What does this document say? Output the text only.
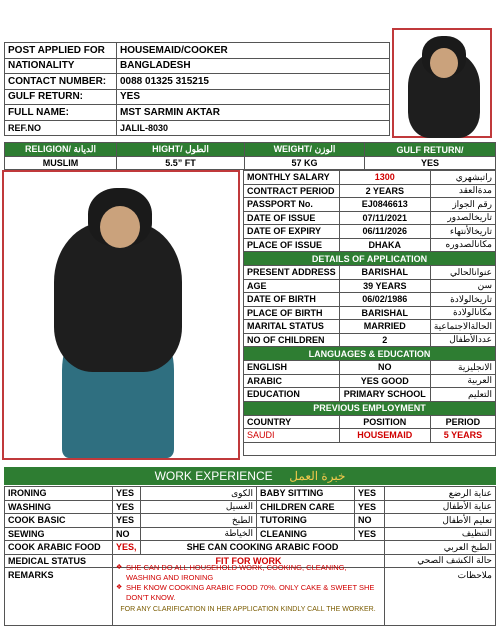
POST APPLIED FOR	HOUSEMAID/COOKER
NATIONALITY	BANGLADESH
CONTACT NUMBER:	0088 01325 315215
GULF RETURN:	YES
FULL NAME:	MST SARMIN AKTAR
REF.NO	JALIL-8030
RELIGION/ الديانة	HIGHT/ الطول	WEIGHT/ الوزن	GULF RETURN/
MUSLIM	5.5” FT	57 KG	YES
MONTHLY SALARY	1300	راتبشهري
CONTRACT PERIOD	2 YEARS	مدةالعقد
PASSPORT No.	EJ0846613	رقم الجواز
DATE OF ISSUE	07/11/2021	تاريخالصدور
DATE OF EXPIRY	06/11/2026	تاريخالأنتهاء
PLACE OF ISSUE	DHAKA	مكانالصدوره
DETAILS OF APPLICATION		
PRESENT ADDRESS	BARISHAL	عنوانالحالي
AGE	39 YEARS	سن
DATE OF BIRTH	06/02/1986	تاريخالولادة
PLACE OF BIRTH	BARISHAL	مكانالولادة
MARITAL STATUS	MARRIED	الحالةالاجتماعية
NO OF CHILDREN	2	عددالأطفال
LANGUAGES & EDUCATION		
ENGLISH	NO	الانجليزية
ARABIC	YES GOOD	العربية
EDUCATION	PRIMARY SCHOOL	التعليم
PREVIOUS EMPLOYMENT		
COUNTRY	POSITION	PERIOD
SAUDI	HOUSEMAID	5 YEARS

WORK EXPERIENCE خبرة العمل
IRONING	YES	الكوى	BABY SITTING	YES	عناية الرضع
WASHING	YES	الغسيل	CHILDREN CARE	YES	عناية الأطفال
COOK BASIC	YES	الطبخ	TUTORING	NO	تعليم الأطفال
SEWING	NO	الخياطة	CLEANING	YES	التنظيف
COOK ARABIC FOOD	YES,	SHE CAN COOKING ARABIC FOOD			الطبخ العربي
MEDICAL STATUS	FIT FOR WORK				حالة الكشف الصحي
REMARKS					ملاحظات
❖ SHE CAN DO ALL HOUSEHOLD WORK, COOKING, CLEANING, WASHING AND IRONING
❖ SHE KNOW COOKING ARABIC FOOD 70%. ONLY CAKE & SWEET SHE DON'T KNOW.
FOR ANY CLARIFICATION IN HER APPLICATION KINDLY CALL THE WORKER.
